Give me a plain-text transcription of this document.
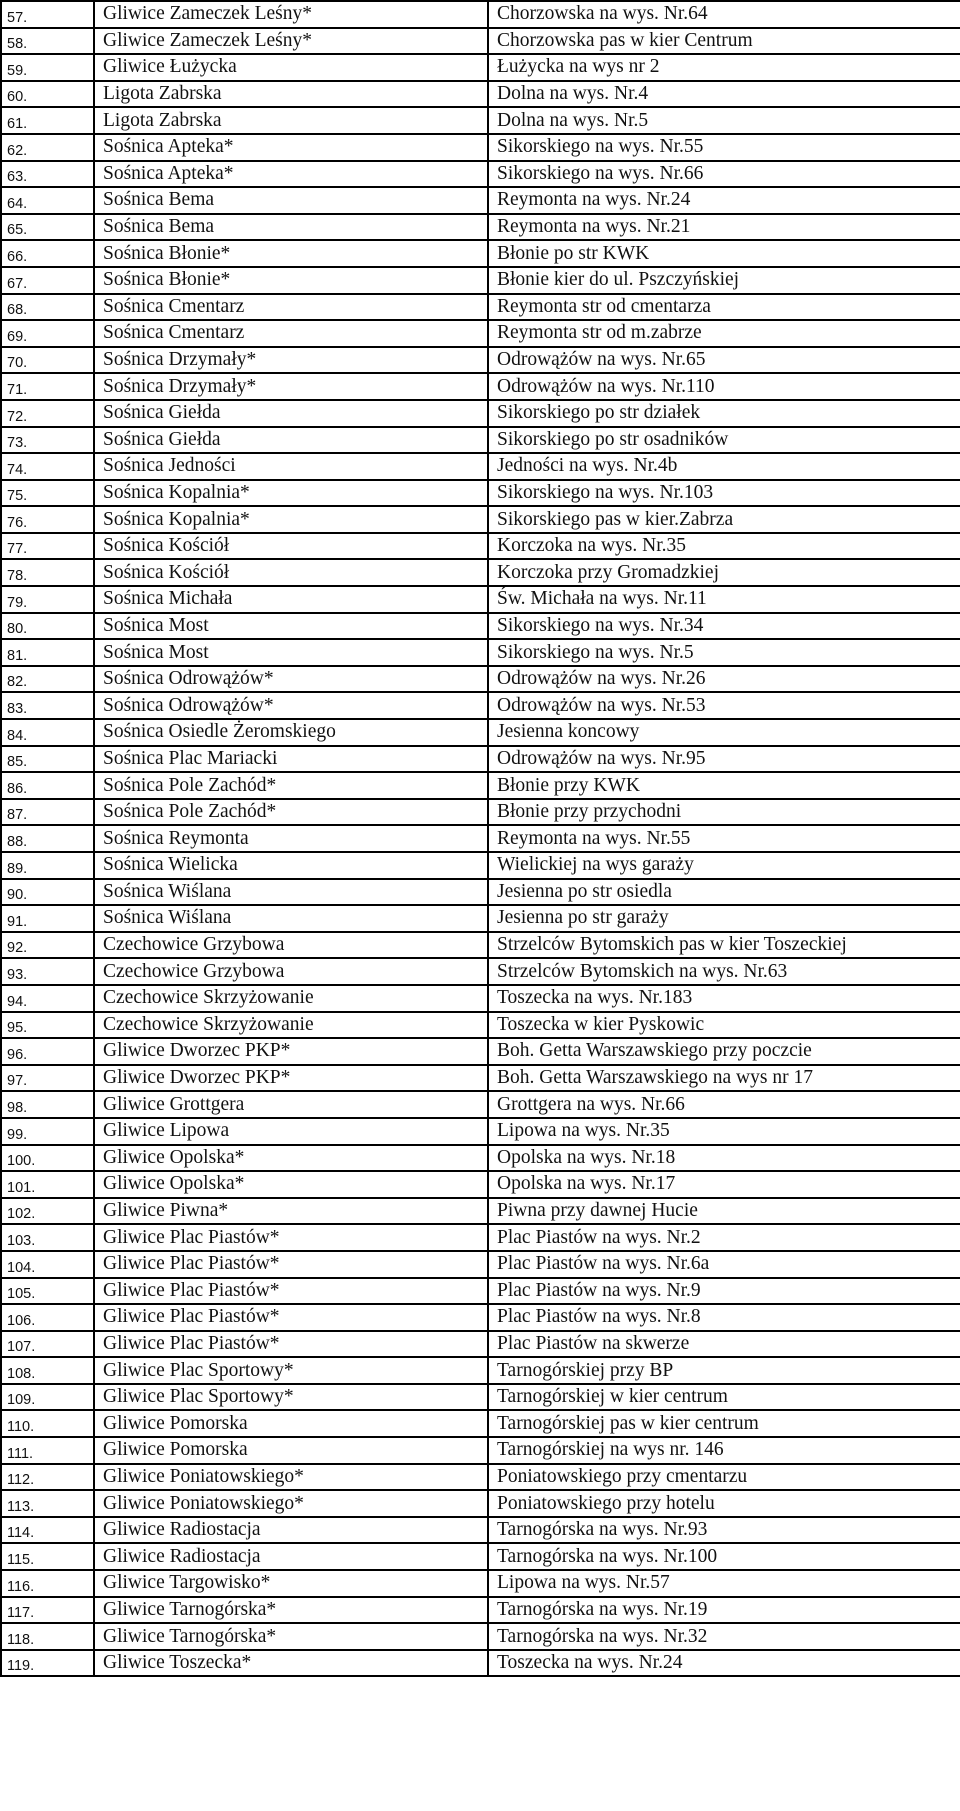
57.	Gliwice Zameczek Leśny*	Chorzowska na wys. Nr.64
58.	Gliwice Zameczek Leśny*	Chorzowska pas w kier Centrum
59.	Gliwice Łużycka	Łużycka na wys nr 2
60.	Ligota Zabrska	Dolna na wys. Nr.4
61.	Ligota Zabrska	Dolna na wys. Nr.5
62.	Sośnica Apteka*	Sikorskiego na wys. Nr.55
63.	Sośnica Apteka*	Sikorskiego na wys. Nr.66
64.	Sośnica Bema	Reymonta na wys. Nr.24
65.	Sośnica Bema	Reymonta na wys. Nr.21
66.	Sośnica Błonie*	Błonie po str KWK
67.	Sośnica Błonie*	Błonie kier do ul. Pszczyńskiej
68.	Sośnica Cmentarz	Reymonta str od cmentarza
69.	Sośnica Cmentarz	Reymonta str od m.zabrze
70.	Sośnica Drzymały*	Odrowążów na wys. Nr.65
71.	Sośnica Drzymały*	Odrowążów na wys. Nr.110
72.	Sośnica Giełda	Sikorskiego po str działek
73.	Sośnica Giełda	Sikorskiego po str osadników
74.	Sośnica Jedności	Jedności na wys. Nr.4b
75.	Sośnica Kopalnia*	Sikorskiego na wys. Nr.103
76.	Sośnica Kopalnia*	Sikorskiego pas w kier.Zabrza
77.	Sośnica Kościół	Korczoka na wys. Nr.35
78.	Sośnica Kościół	Korczoka przy Gromadzkiej
79.	Sośnica Michała	Św. Michała na wys. Nr.11
80.	Sośnica Most	Sikorskiego na wys. Nr.34
81.	Sośnica Most	Sikorskiego na wys. Nr.5
82.	Sośnica Odrowążów*	Odrowążów na wys. Nr.26
83.	Sośnica Odrowążów*	Odrowążów na wys. Nr.53
84.	Sośnica Osiedle Żeromskiego	Jesienna koncowy
85.	Sośnica Plac Mariacki	Odrowążów na wys. Nr.95
86.	Sośnica Pole Zachód*	Błonie przy KWK
87.	Sośnica Pole Zachód*	Błonie przy przychodni
88.	Sośnica Reymonta	Reymonta na wys. Nr.55
89.	Sośnica Wielicka	Wielickiej na wys garaży
90.	Sośnica Wiślana	Jesienna po str osiedla
91.	Sośnica Wiślana	Jesienna po str garaży
92.	Czechowice Grzybowa	Strzelców Bytomskich pas w kier Toszeckiej
93.	Czechowice Grzybowa	Strzelców Bytomskich na wys. Nr.63
94.	Czechowice Skrzyżowanie	Toszecka na wys. Nr.183
95.	Czechowice Skrzyżowanie	Toszecka w kier Pyskowic
96.	Gliwice Dworzec PKP*	Boh. Getta Warszawskiego przy poczcie
97.	Gliwice Dworzec PKP*	Boh. Getta Warszawskiego na wys nr 17
98.	Gliwice Grottgera	Grottgera na wys. Nr.66
99.	Gliwice Lipowa	Lipowa na wys. Nr.35
100.	Gliwice Opolska*	Opolska na wys. Nr.18
101.	Gliwice Opolska*	Opolska na wys. Nr.17
102.	Gliwice Piwna*	Piwna przy dawnej Hucie
103.	Gliwice Plac Piastów*	Plac Piastów na wys. Nr.2
104.	Gliwice Plac Piastów*	Plac Piastów na wys. Nr.6a
105.	Gliwice Plac Piastów*	Plac Piastów na wys. Nr.9
106.	Gliwice Plac Piastów*	Plac Piastów na wys. Nr.8
107.	Gliwice Plac Piastów*	Plac Piastów na skwerze
108.	Gliwice Plac Sportowy*	Tarnogórskiej przy BP
109.	Gliwice Plac Sportowy*	Tarnogórskiej w kier centrum
110.	Gliwice Pomorska	Tarnogórskiej pas w kier centrum
111.	Gliwice Pomorska	Tarnogórskiej na wys nr. 146
112.	Gliwice Poniatowskiego*	Poniatowskiego przy cmentarzu
113.	Gliwice Poniatowskiego*	Poniatowskiego przy hotelu
114.	Gliwice Radiostacja	Tarnogórska na wys. Nr.93
115.	Gliwice Radiostacja	Tarnogórska na wys. Nr.100
116.	Gliwice Targowisko*	Lipowa na wys. Nr.57
117.	Gliwice Tarnogórska*	Tarnogórska na wys. Nr.19
118.	Gliwice Tarnogórska*	Tarnogórska na wys. Nr.32
119.	Gliwice Toszecka*	Toszecka na wys. Nr.24
